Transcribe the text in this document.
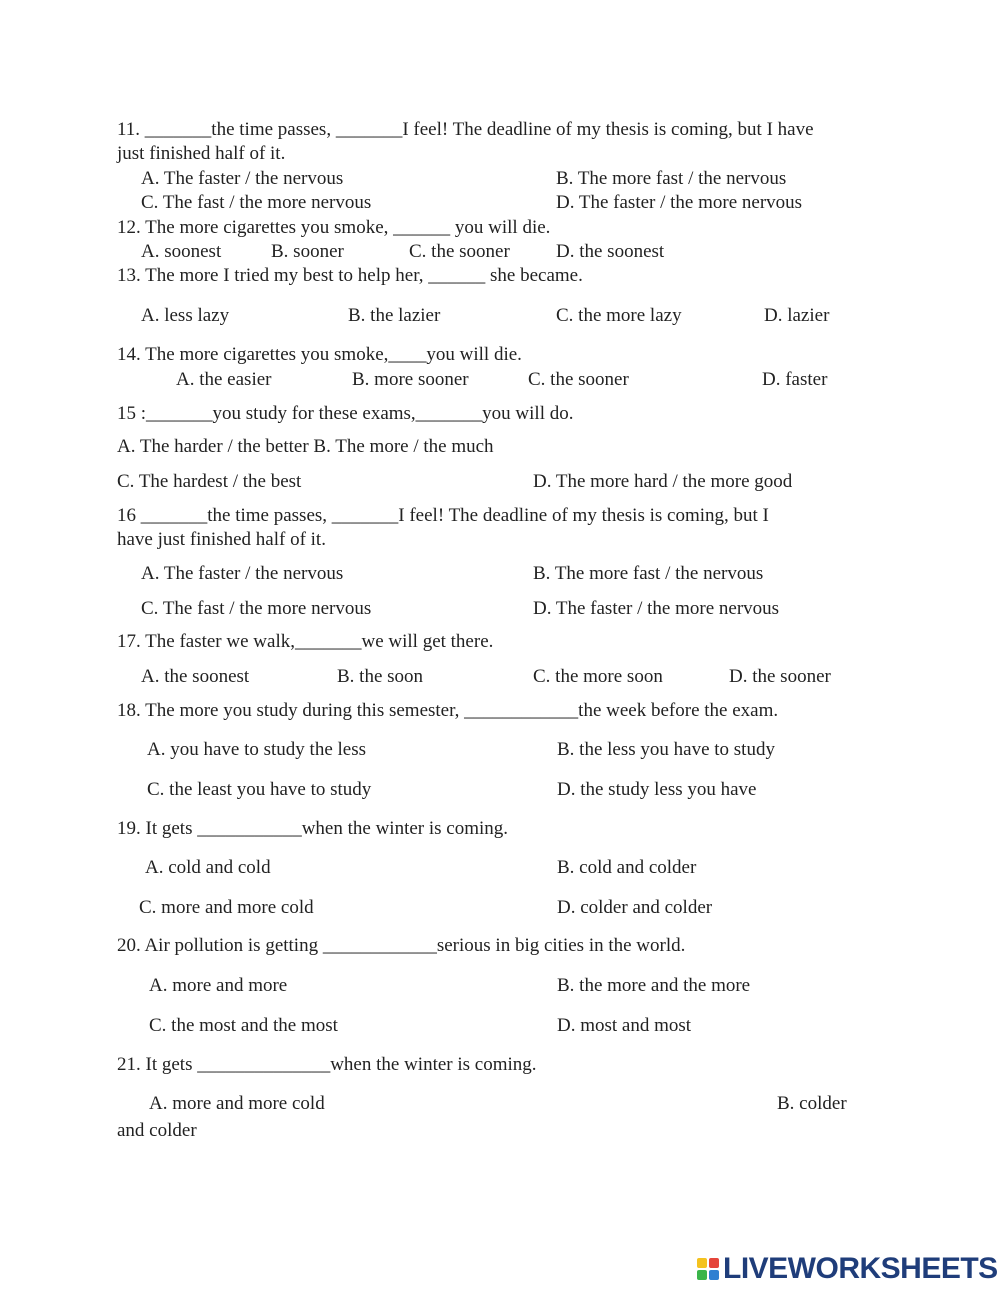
11. _______the time passes, _______I feel! The deadline of my thesis is coming, but I have
just finished half of it.
A. The faster / the nervous	B. The more fast / the nervous
C. The fast / the more nervous	D. The faster / the more nervous
12. The more cigarettes you smoke, ______ you will die.
A. soonest	B. sooner	C. the sooner D. the soonest
13. The more I tried my best to help her, ______ she became.
A. less lazy	B. the lazier	C. the more lazy	D. lazier
14. The more cigarettes you smoke,____you will die.
A. the easier	B. more sooner	C. the sooner	D. faster
15 :_______you study for these exams,_______you will do.
A. The harder / the better B. The more / the much
C. The hardest / the best	D. The more hard / the more good
16 _______the time passes, _______I feel! The deadline of my thesis is coming, but I
have just finished half of it.
A. The faster / the nervous	B. The more fast / the nervous
C. The fast / the more nervous	D. The faster / the more nervous
17. The faster we walk,_______we will get there.
A. the soonest	B. the soon	C. the more soon	D. the sooner
18. The more you study during this semester, ____________the week before the exam.
A. you have to study the less	B. the less you have to study
C. the least you have to study	D. the study less you have
19. It gets ___________when the winter is coming.
A. cold and cold	B. cold and colder
C. more and more cold	D. colder and colder
20. Air pollution is getting ____________serious in big cities in the world.
A. more and more	B. the more and the more
C. the most and the most	D. most and most
21. It gets ______________when the winter is coming.
A. more and more cold	B. colder
and colder
LIVEWORKSHEETS
